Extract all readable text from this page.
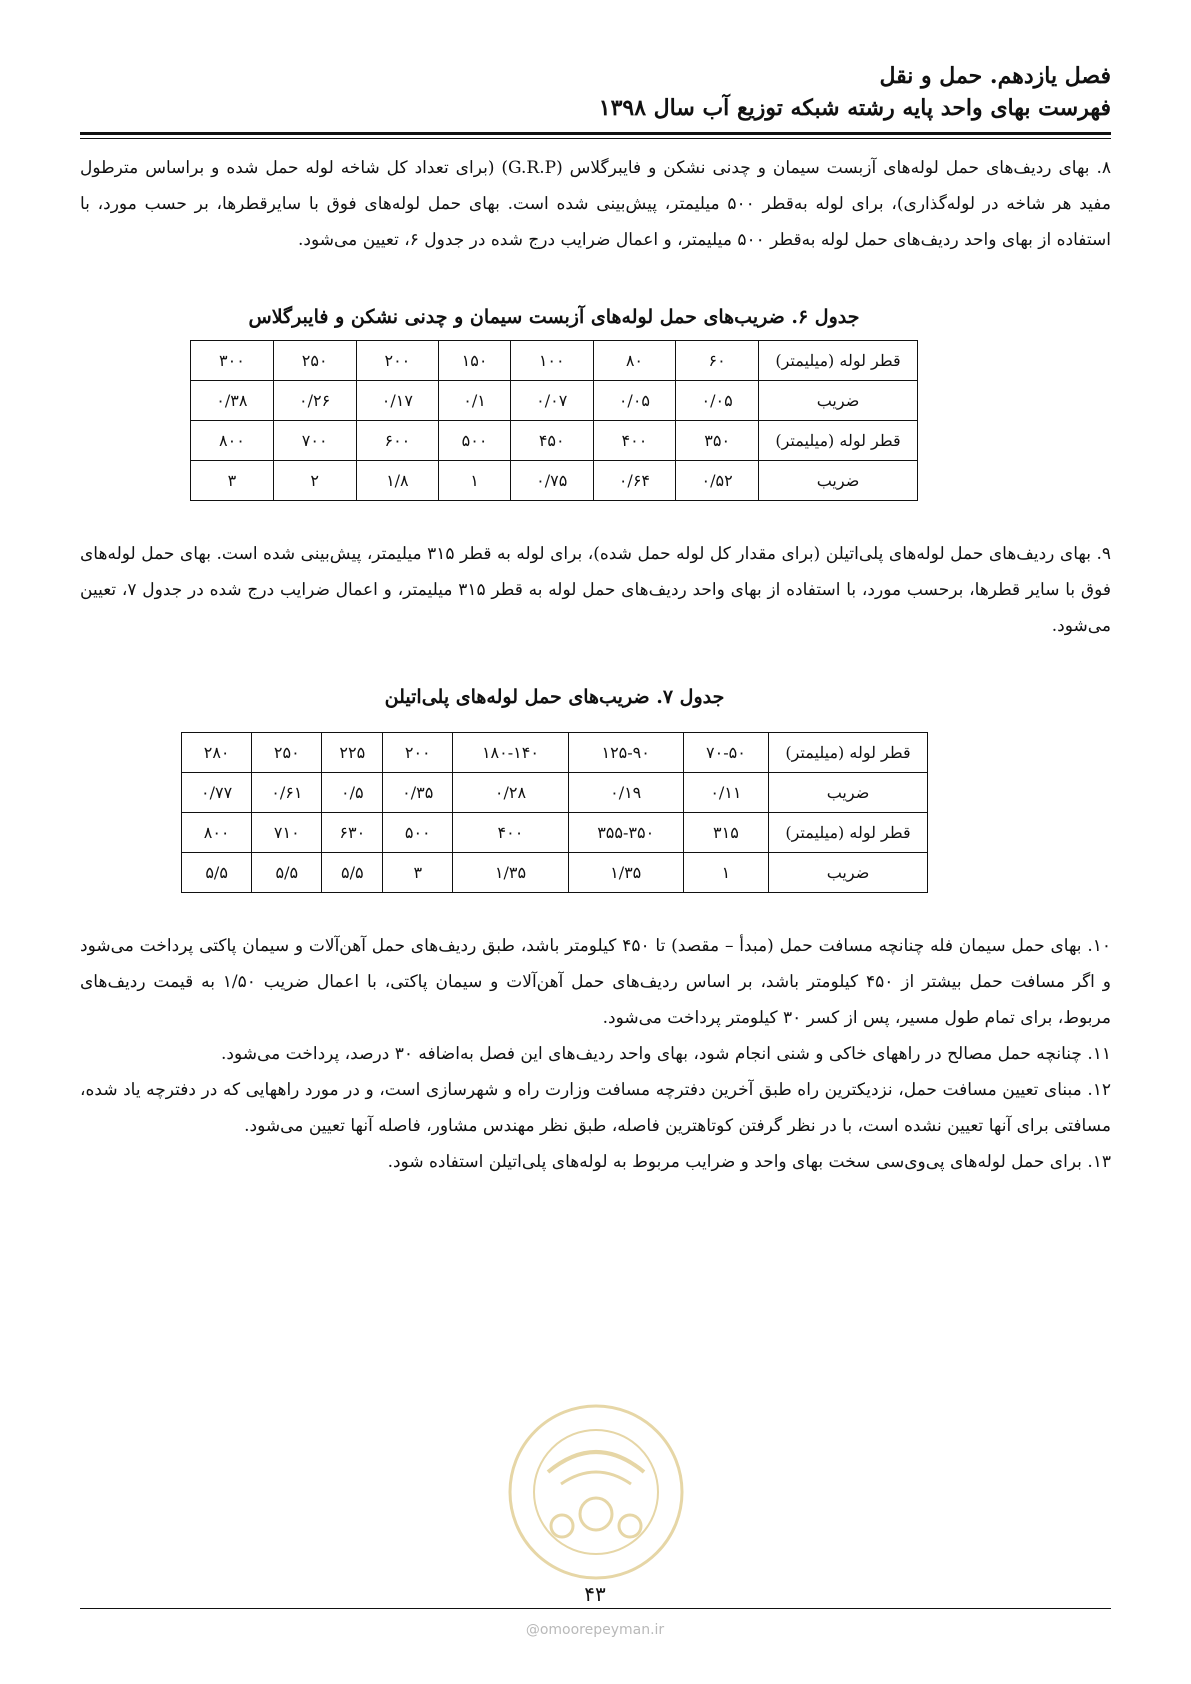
فصل یازدهم. حمل و نقل
فهرست بهای واحد پایه رشته شبکه توزیع آب سال ۱۳۹۸

۸. بهای ردیف‌های حمل لوله‌های آزبست سیمان و چدنی نشکن و فایبرگلاس (G.R.P) (برای تعداد کل شاخه لوله حمل شده و براساس مترطول مفید هر شاخه در لوله‌گذاری)، برای لوله به‌قطر ۵۰۰ میلیمتر، پیش‌بینی شده است. بهای حمل لوله‌های فوق با سایرقطرها، بر حسب مورد، با استفاده از بهای واحد ردیف‌های حمل لوله به‌قطر ۵۰۰ میلیمتر، و اعمال ضرایب درج شده در جدول ۶، تعیین می‌شود.

جدول ۶. ضریب‌های حمل لوله‌های آزبست سیمان و چدنی نشکن و فایبرگلاس
قطر لوله (میلیمتر)	۶۰	۸۰	۱۰۰	۱۵۰	۲۰۰	۲۵۰	۳۰۰
ضریب	۰/۰۵	۰/۰۵	۰/۰۷	۰/۱	۰/۱۷	۰/۲۶	۰/۳۸
قطر لوله (میلیمتر)	۳۵۰	۴۰۰	۴۵۰	۵۰۰	۶۰۰	۷۰۰	۸۰۰
ضریب	۰/۵۲	۰/۶۴	۰/۷۵	۱	۱/۸	۲	۳

۹. بهای ردیف‌های حمل لوله‌های پلی‌اتیلن (برای مقدار کل لوله حمل شده)، برای لوله به قطر ۳۱۵ میلیمتر، پیش‌بینی شده است. بهای حمل لوله‌های فوق با سایر قطرها، برحسب مورد، با استفاده از بهای واحد ردیف‌های حمل لوله به قطر ۳۱۵ میلیمتر، و اعمال ضرایب درج شده در جدول ۷، تعیین می‌شود.

جدول ۷. ضریب‌های حمل لوله‌های پلی‌اتیلن
قطر لوله (میلیمتر)	۷۰-۵۰	۱۲۵-۹۰	۱۸۰-۱۴۰	۲۰۰	۲۲۵	۲۵۰	۲۸۰
ضریب	۰/۱۱	۰/۱۹	۰/۲۸	۰/۳۵	۰/۵	۰/۶۱	۰/۷۷
قطر لوله (میلیمتر)	۳۱۵	۳۵۵-۳۵۰	۴۰۰	۵۰۰	۶۳۰	۷۱۰	۸۰۰
ضریب	۱	۱/۳۵	۱/۳۵	۳	۵/۵	۵/۵	۵/۵

۱۰. بهای حمل سیمان فله چنانچه مسافت حمل (مبدأ – مقصد) تا ۴۵۰ کیلومتر باشد، طبق ردیف‌های حمل آهن‌آلات و سیمان پاکتی پرداخت می‌شود و اگر مسافت حمل بیشتر از ۴۵۰ کیلومتر باشد، بر اساس ردیف‌های حمل آهن‌آلات و سیمان پاکتی، با اعمال ضریب ۱/۵۰ به قیمت ردیف‌های مربوط، برای تمام طول مسیر، پس از کسر ۳۰ کیلومتر پرداخت می‌شود.

۱۱. چنانچه حمل مصالح در راههای خاکی و شنی انجام شود، بهای واحد ردیف‌های این فصل به‌اضافه ۳۰ درصد، پرداخت می‌شود.

۱۲. مبنای تعیین مسافت حمل، نزدیکترین راه طبق آخرین دفترچه مسافت وزارت راه و شهرسازی است، و در مورد راههایی که در دفترچه یاد شده، مسافتی برای آنها تعیین نشده است، با در نظر گرفتن کوتاهترین فاصله، طبق نظر مهندس مشاور، فاصله آنها تعیین می‌شود.

۱۳. برای حمل لوله‌های پی‌وی‌سی سخت بهای واحد و ضرایب مربوط به لوله‌های پلی‌اتیلن استفاده شود.

۴۳
@omoorepeyman.ir
